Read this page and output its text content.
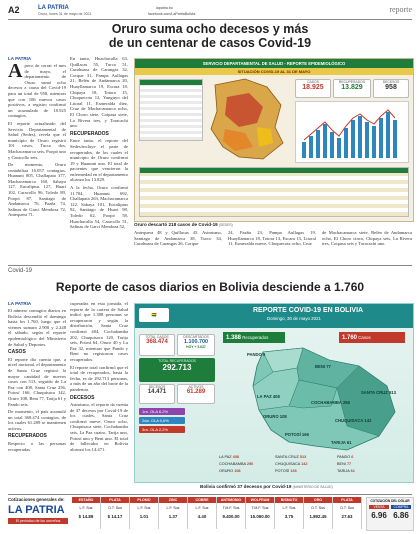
A2	LA PATRIA
Oruro, lunes 31 de mayo de 2021
lapatria.bo
facebook.com/LaPatriaBolivia	reporte
Oruro suma ocho decesos y más
de un centenar de casos Covid-19
LA PATRIA

Apoco de cerrar el mes de mayo, el departamento de Oruro sumó ocho decesos a causa del Covid-19 para un total de 958, mientras que con 106 nuevos casos positivos, a registro confirmó un acumulado de 18.925 contagios.

El reporte actualizado del Servicio Departamental de Salud (Sedes), revela que el municipio de Oruro registró 101 casos, Turco dos, Machacamarca seis, Poopó uno y Caracollo seis.

De momento, Oruro contabiliza 16.057 contagios, Huanuni 805, Challapata 377, Machacamarca 160, Sabaya 127, Eucaliptus 127, Huari 102, Caracollo 96, Toledo 89, Poopó 87, Santiago de Andamarca 76, Pazña 74, Salinas de Garci Mendoza 72, Antequera 71.

En tanto, Huachacalla 63, Quillacas 55, Turco 51, Curahuara de Carangas 32, Corque 31, Pampa Aullagas 21, Belén de Andamarca 20, Huayllamarca 19, Escara 18, Chipaya 18, Totora 15, Choquecota 12, Yunguyo del Litoral 11, Esmeralda diez, Cruz de Machacamarca ocho, El Choro siete, Coipasa siete, La Rivera tres, y Toracachi uno.

RECUPERADOS

Entre tanto, el reporte del Sedes/incluye el parte de recuperados, de los cuales el municipio de Oruro confirmó 19 y Huanuni uno. El total de pacientes que vencieron la enfermedad en el departamento alcanza los 13.829.

A la fecha, Oruro confirmó 11.704, Huanuni 692, Challapata 263, Machacamarca 122, Sabaya 101, Eucaliptus 92, Santiago de Huari 98, Toledo 62, Poopó 58, Huachacalla 54, Caracollo 51, Salinas de Garci Mendoza 52,

SERVICIO DEPARTAMENTAL DE SALUD - REPORTE EPIDEMIOLÓGICO
SITUACIÓN COVID-19 AL 31 DE MAYO
CASOS
18.925
RECUPERADOS
13.829
DECESOS
958
Oruro descartó 218 casos de Covid-19 (SEDES)
Antequera 48 y Quillacas 45. Asimismo, Santiago de Andamarca 38, Turco 34, Curahuara de Carangas 26, Corque
24, Pazña 23, Pampa Aullagas 19, Huayllamarca 18, Totora 13, Escara 13, Litoral 11, Esmeralda nueve, Choquecota ocho, Cruz
de Machacamarca siete, Belén de Andamarca ocho, El Choro cinco, Chipaya seis, La Rivera tres, Coipasa seis y Toracachi uno.
Covid-19
Reporte de casos diarios en Bolivia desciende a 1.760
LA PATRIA

El número contagios diarios en Bolivia descendió el domingo hasta los 1.760, luego que el viernes sumara 2.900 y 2.248 el sábado, según el reporte epidemiológico del Ministerio de Salud y Deportes.

CASOS

El reporte dio cuenta que, a nivel nacional, el departamento de Santa Cruz registró la mayor cantidad de nuevos casos con 513, seguido de La Paz con 408, Santa Cruz 256, Potosí 166, Chuquisaca 142, Oruro 108, Beni 77, Tarija 61 y Pando seis.

De momento, el país acumuló un total 368.474 contagios, de los cuales 61.289 se mantienen activos.

RECUPERADOS

Respecto a las personas recuperadas

cuperadas en esta jornada, el reporte de la cartera de Salud indicó que 1.388 personas se recuperaron y según la distribución, Santa Cruz confirmó 404, Cochabamba 202, Chuquisaca 120, Tarija seis, Potosí 64, Oruro 40 y La Paz 32, mientras que Pando y Beni no registraron casos recuperados.

El reporte total confirmó que el total de recuperados, hasta la fecha, es de 292.713 personas, a más de un año del brote de la pandemia.

DECESOS

Asimismo, el reporte da cuenta de 37 decesos por Covid-19 de los cuales, Santa Cruz confirmó nueve, Oruro ocho, Chuquisaca siete, Cochabamba seis, La Paz cuatro, Tarija uno, Potosí uno y Beni uno. El total de fallecidos en Bolivia alcanzó los 14.471.

REPORTE COVID-19 EN BOLIVIA
Domingo, 30 de mayo 2021
🇧🇴
TOTAL CASOS
368.474
DESCARTADOS
1.100.700
HOY + 5.637
TOTAL RECUPERADOS
292.713
DECESOS
14.471
ACTIVOS
61.289
1ra. OLA 6,2%
2da. OLA 0,6%
3ra. OLA 2,2%
1.388 Recuperados	1.760 Casos
PANDO 6
BENI 77
LA PAZ 408
COCHABAMBA 256
SANTA CRUZ 513
ORURO 108
POTOSÍ 166
CHUQUISACA 142
TARIJA 61
LA PAZ 408
COCHABAMBA 256
ORURO 108
SANTA CRUZ 513
CHUQUISACA 142
POTOSÍ 166
PANDO 6
BENI 77
TARIJA 61
Bolivia confirmó 37 decesos por Covid-19 (MINISTERIO DE SALUD)
Cotizaciones generales de:
LA PATRIA
El periódico de los orureños
ESTAÑO
L.F. Sus
$ 14.89
PLATA
O.T. Sus
$ 14.17
PLOMO
L.F. Sus
1.01
ZINC
L.F. Sus
1.37
COBRE
L.F. Sus
4.40
ANTIMONIO
T.M.F. Sus
9.400.00
WOLFRAM
T.M.F. Sus
15.050.00
BISMUTO
L.F. Sus
3.75
ORO
O.T. Sus
1.892.45
PLATA
O.T. Sus
27.63
COTIZACIÓN DEL DÓLAR
VENTA	COMPRA
6.96 6.86
